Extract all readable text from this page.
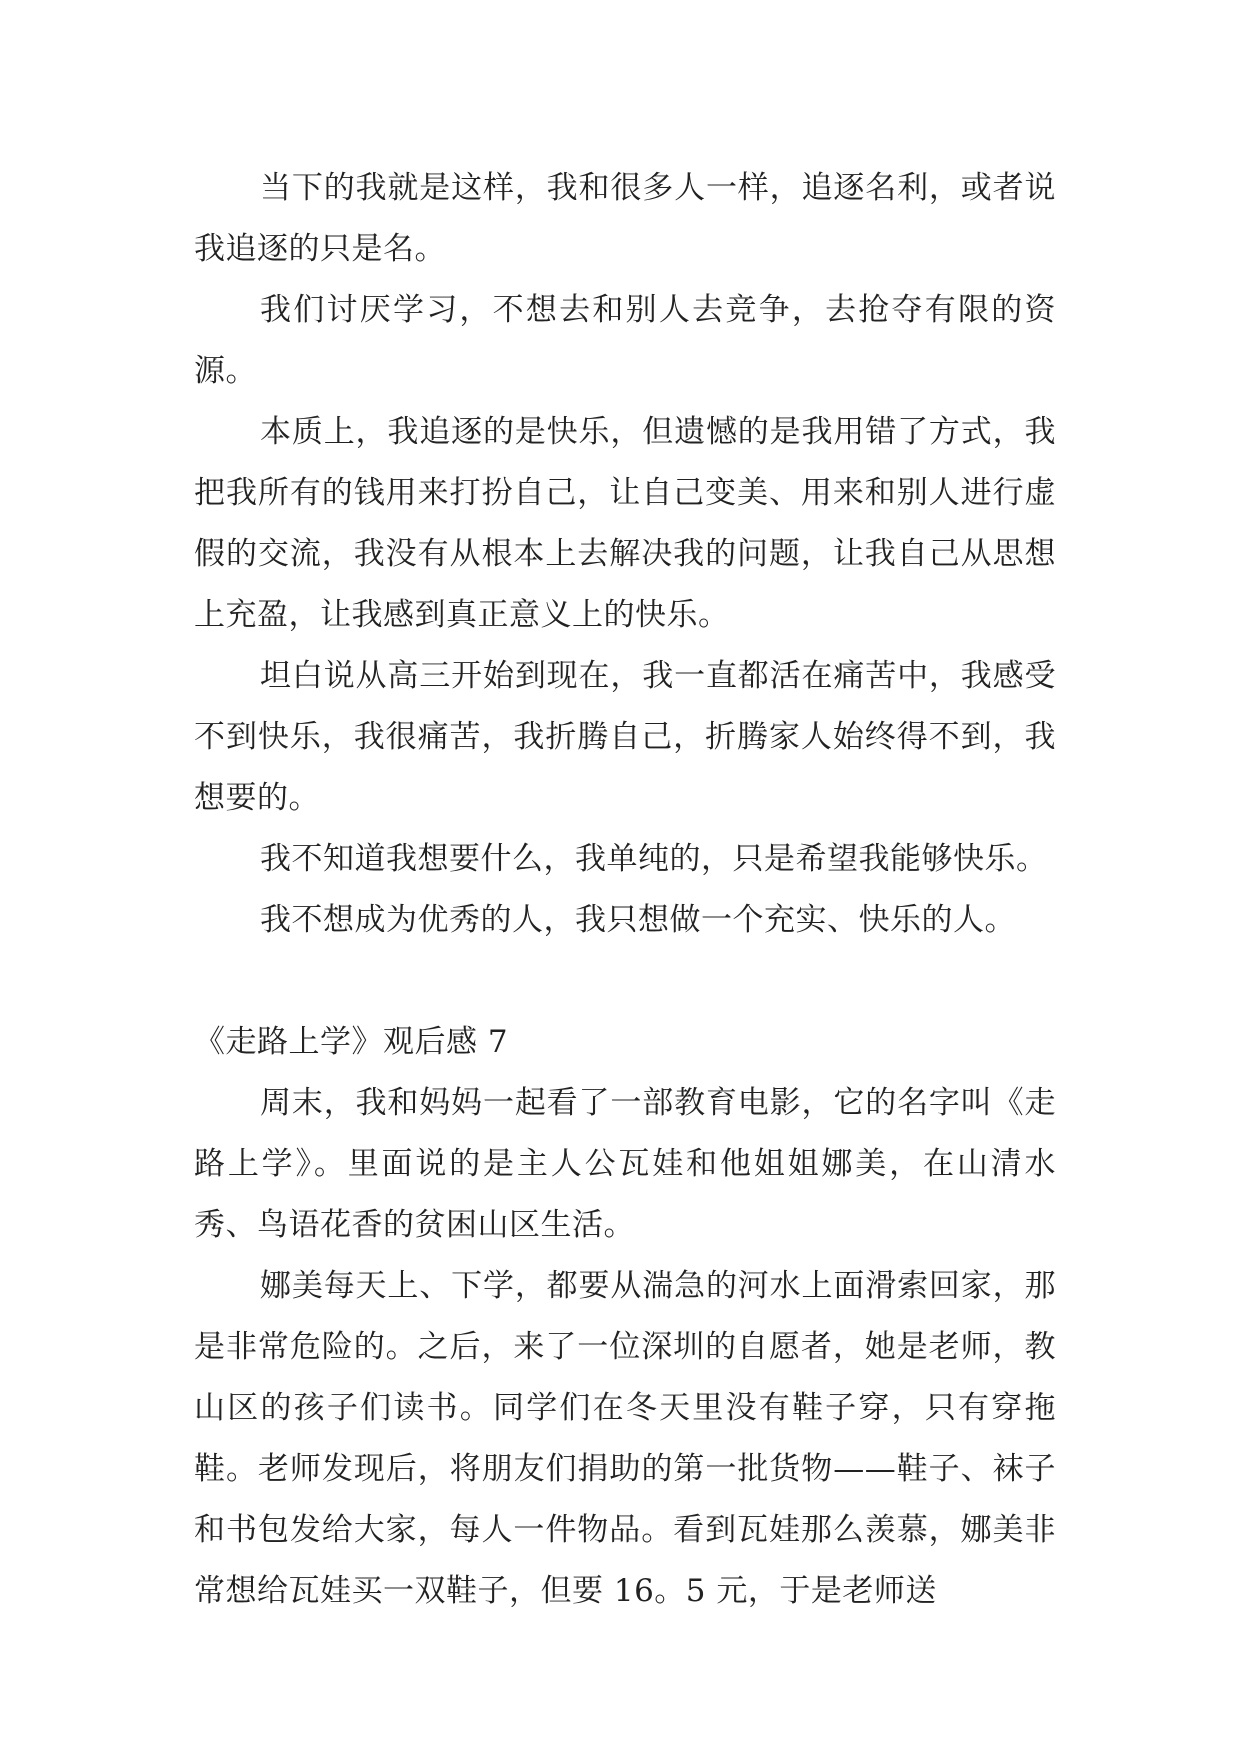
当下的我就是这样，我和很多人一样，追逐名利，或者说我追逐的只是名。

我们讨厌学习，不想去和别人去竞争，去抢夺有限的资源。

本质上，我追逐的是快乐，但遗憾的是我用错了方式，我把我所有的钱用来打扮自己，让自己变美、用来和别人进行虚假的交流，我没有从根本上去解决我的问题，让我自己从思想上充盈，让我感到真正意义上的快乐。

坦白说从高三开始到现在，我一直都活在痛苦中，我感受不到快乐，我很痛苦，我折腾自己，折腾家人始终得不到，我想要的。

我不知道我想要什么，我单纯的，只是希望我能够快乐。

我不想成为优秀的人，我只想做一个充实、快乐的人。

《走路上学》观后感 7

周末，我和妈妈一起看了一部教育电影，它的名字叫《走路上学》。里面说的是主人公瓦娃和他姐姐娜美，在山清水秀、鸟语花香的贫困山区生活。

娜美每天上、下学，都要从湍急的河水上面滑索回家，那是非常危险的。之后，来了一位深圳的自愿者，她是老师，教山区的孩子们读书。同学们在冬天里没有鞋子穿，只有穿拖鞋。老师发现后，将朋友们捐助的第一批货物——鞋子、袜子和书包发给大家，每人一件物品。看到瓦娃那么羡慕，娜美非常想给瓦娃买一双鞋子，但要 16。5 元，于是老师送
